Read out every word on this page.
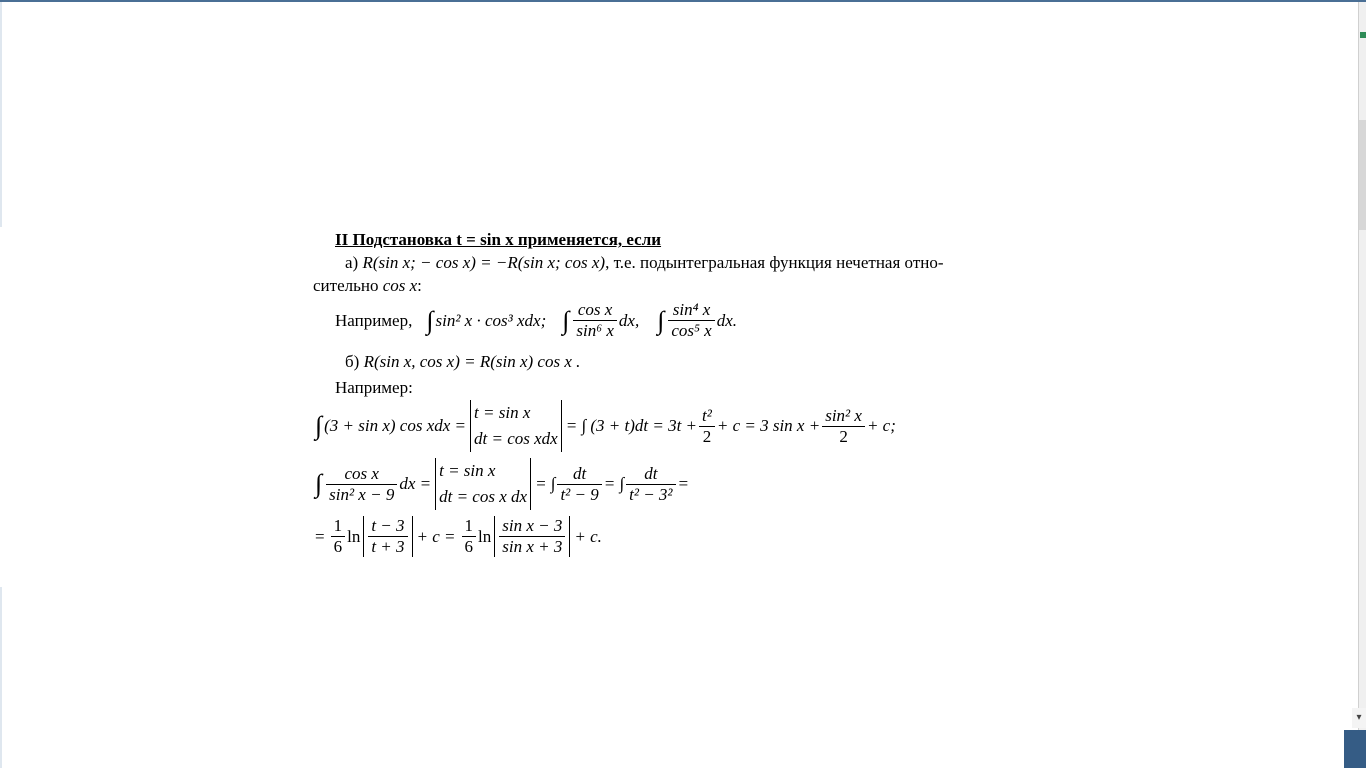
▾
II Подстановка t = sin x применяется, если
а) R(sin x; − cos x) = −R(sin x; cos x), т.е. подынтегральная функция нечетная отно-
сительно cos x:
Например, ∫ sin² x · cos³ xdx; ∫ $\frac{\text{cos x}}{\text{sin⁶ x}}$ dx, ∫ $\frac{\text{sin⁴ x}}{\text{cos⁵ x}}$ dx.
б) R(sin x, cos x) = R(sin x) cos x .
Например:
∫ (3 + sin x) cos xdx =
t = sin x
dt = cos xdx
= ∫ $(3 + t)dt = 3t + \frac{\text{t²}}{2} + c = 3$ $\sin x + \frac{\text{sin² x}}{2} + c$;
∫ $\frac{\text{cos x}}{\text{sin² x − 9}}$ dx =
t = sin x
dt = cos x dx
= ∫ $\frac{dt}{\text{t² − 9}}$ = ∫ $\frac{dt}{\text{t² − 3²}}$ =
= $\frac{1}{6}$ $\ln \frac{t - 3}{t + 3} + c = \frac{1}{6}$ $\ln \frac{\text{sin x − 3}}{\text{sin x + 3}} + c$.
